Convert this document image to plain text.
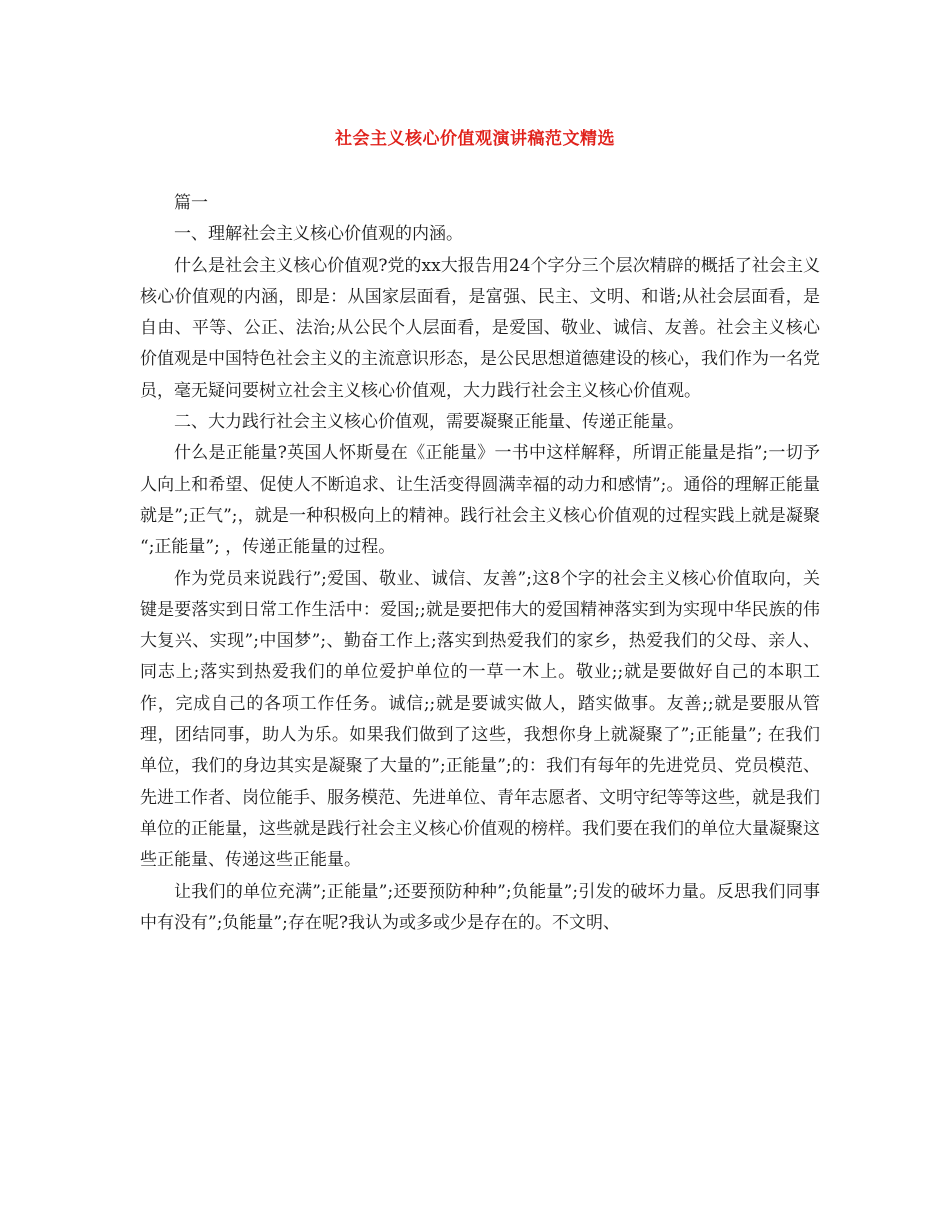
社会主义核心价值观演讲稿范文精选

篇一

一、理解社会主义核心价值观的内涵。

什么是社会主义核心价值观?党的xx大报告用24个字分三个层次精辟的概括了社会主义核心价值观的内涵，即是：从国家层面看，是富强、民主、文明、和谐;从社会层面看，是自由、平等、公正、法治;从公民个人层面看，是爱国、敬业、诚信、友善。社会主义核心价值观是中国特色社会主义的主流意识形态，是公民思想道德建设的核心，我们作为一名党员，毫无疑问要树立社会主义核心价值观，大力践行社会主义核心价值观。

二、大力践行社会主义核心价值观，需要凝聚正能量、传递正能量。

什么是正能量?英国人怀斯曼在《正能量》一书中这样解释，所谓正能量是指”;一切予人向上和希望、促使人不断追求、让生活变得圆满幸福的动力和感情”;。通俗的理解正能量就是”;正气”;，就是一种积极向上的精神。践行社会主义核心价值观的过程实践上就是凝聚 “;正能量”; ，传递正能量的过程。

作为党员来说践行”;爱国、敬业、诚信、友善”;这8个字的社会主义核心价值取向，关键是要落实到日常工作生活中：爱国;;就是要把伟大的爱国精神落实到为实现中华民族的伟大复兴、实现”;中国梦”;、勤奋工作上;落实到热爱我们的家乡，热爱我们的父母、亲人、同志上;落实到热爱我们的单位爱护单位的一草一木上。敬业;;就是要做好自己的本职工作，完成自己的各项工作任务。诚信;;就是要诚实做人，踏实做事。友善;;就是要服从管理，团结同事，助人为乐。如果我们做到了这些，我想你身上就凝聚了”;正能量”; 在我们单位，我们的身边其实是凝聚了大量的”;正能量”;的：我们有每年的先进党员、党员模范、先进工作者、岗位能手、服务模范、先进单位、青年志愿者、文明守纪等等这些，就是我们单位的正能量，这些就是践行社会主义核心价值观的榜样。我们要在我们的单位大量凝聚这些正能量、传递这些正能量。

让我们的单位充满”;正能量”;还要预防种种”;负能量”;引发的破坏力量。反思我们同事中有没有”;负能量”;存在呢?我认为或多或少是存在的。不文明、
